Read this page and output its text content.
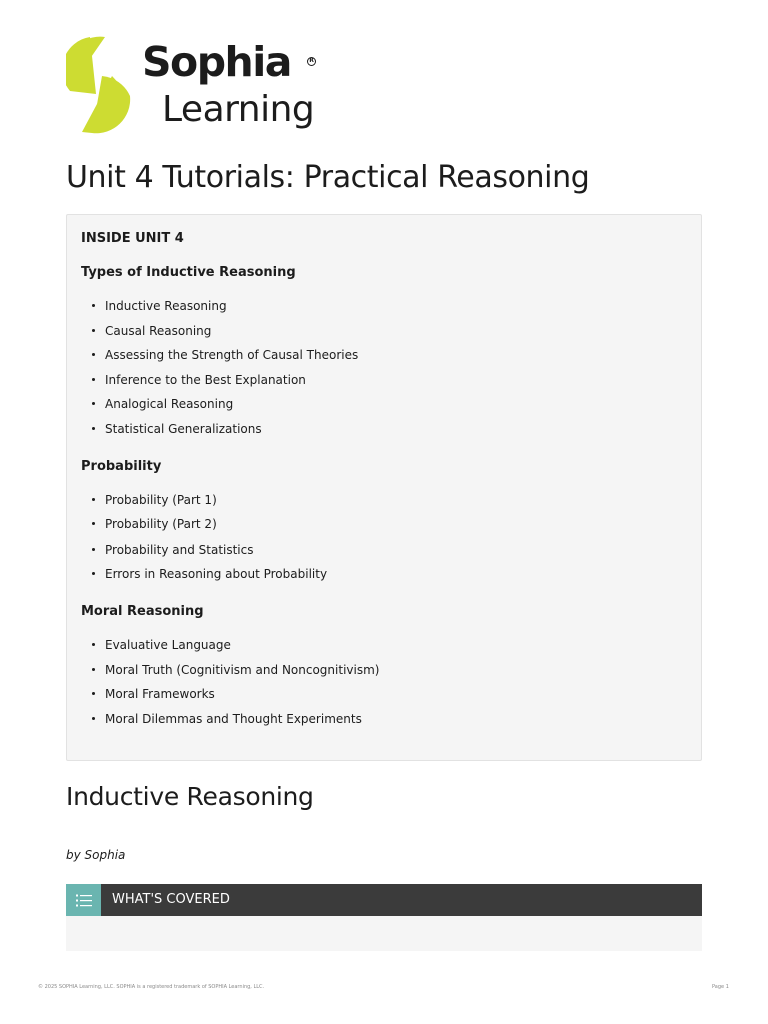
Sophia	R
Learning
Unit 4 Tutorials: Practical Reasoning
INSIDE UNIT 4
Types of Inductive Reasoning
Inductive Reasoning
Causal Reasoning
Assessing the Strength of Causal Theories
Inference to the Best Explanation
Analogical Reasoning
Statistical Generalizations
Probability
Probability (Part 1)
Probability (Part 2)
Probability and Statistics
Errors in Reasoning about Probability
Moral Reasoning
Evaluative Language
Moral Truth (Cognitivism and Noncognitivism)
Moral Frameworks
Moral Dilemmas and Thought Experiments
Inductive Reasoning
by Sophia
WHAT'S COVERED
© 2025 SOPHIA Learning, LLC. SOPHIA is a registered trademark of SOPHIA Learning, LLC.	Page 1
